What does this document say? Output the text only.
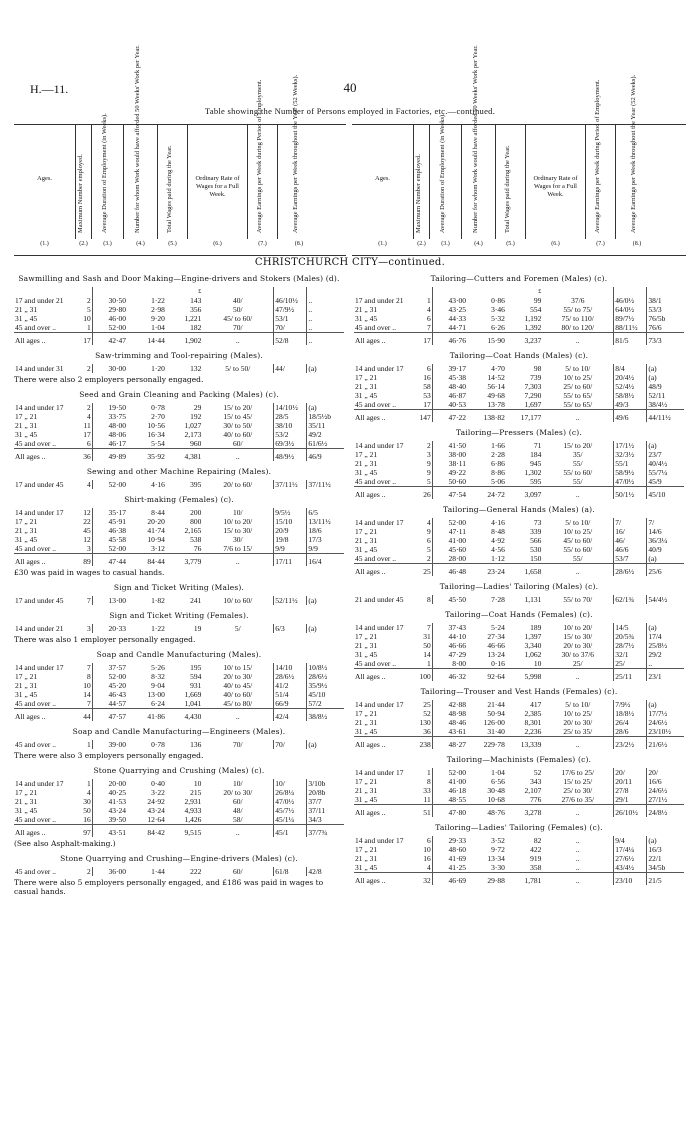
H.—11.	40
Table showing the Number of Persons employed in Factories, etc.—continued.
Ages.
(1.)
Maximum Number employed.
(2.)
Average Duration of Employment (in Weeks).
(3.)
Number for whom Work would have afforded 50 Weeks' Work per Year.
(4.)
Total Wages paid during the Year.
(5.)
Ordinary Rate of Wages for a Full Week.
(6.)
Average Earnings per Week during Period of Employment.
(7.)
Average Earnings per Week throughout the Year (52 Weeks).
(8.)
Ages.
(1.)
Maximum Number employed.
(2.)
Average Duration of Employment (in Weeks).
(3.)
Number for whom Work would have afforded 50 Weeks' Work per Year.
(4.)
Total Wages paid during the Year.
(5.)
Ordinary Rate of Wages for a Full Week.
(6.)
Average Earnings per Week during Period of Employment.
(7.)
Average Earnings per Week throughout the Year (52 Weeks).
(8.)
CHRISTCHURCH CITY—continued.
Sawmilling and Sash and Door Making—Engine-drivers and Stokers (Males) (d).
				£			
17 and under 21	2	30·50	1·22	143	40/	46/10½	..
21 „ 31	5	29·80	2·98	356	50/	47/9½	..
31 „ 45	10	46·00	9·20	1,221	45/ to 60/	53/1	..
45 and over ..	1	52·00	1·04	182	70/	70/	..
All ages ..	17	42·47	14·44	1,902	..	52/8	..
Saw-trimming and Tool-repairing (Males).
14 and under 31	2	30·00	1·20	132	5/ to 50/	44/	(a)
There were also 2 employers personally engaged.
Seed and Grain Cleaning and Packing (Males) (c).
14 and under 17	2	19·50	0·78	29	15/ to 20/	14/10½	(a)
17 „ 21	4	33·75	2·70	192	15/ to 45/	28/5	18/5½b
21 „ 31	11	48·00	10·56	1,027	30/ to 50/	38/10	35/11
31 „ 45	17	48·06	16·34	2,173	40/ to 60/	53/2	49/2
45 and over ..	6	46·17	5·54	960	60/	69/3½	61/6½
All ages ..	36	49·89	35·92	4,381	..	48/9½	46/9
Sewing and other Machine Repairing (Males).
17 and under 45	4	52·00	4·16	395	20/ to 60/	37/11½	37/11½
Shirt-making (Females) (c).
14 and under 17	12	35·17	8·44	200	10/	9/5½	6/5
17 „ 21	22	45·91	20·20	800	10/ to 20/	15/10	13/11½
21 „ 31	45	46·38	41·74	2,165	15/ to 30/	20/9	18/6
31 „ 45	12	45·58	10·94	538	30/	19/8	17/3
45 and over ..	3	52·00	3·12	76	7/6 to 15/	9/9	9/9
All ages ..	89	47·44	84·44	3,779	..	17/11	16/4
£30 was paid in wages to casual hands.
Sign and Ticket Writing (Males).
17 and under 45	7	13·00	1·82	241	10/ to 60/	52/11½	(a)
Sign and Ticket Writing (Females).
14 and under 21	3	20·33	1·22	19	5/	6/3	(a)
There was also 1 employer personally engaged.
Soap and Candle Manufacturing (Males).
14 and under 17	7	37·57	5·26	195	10/ to 15/	14/10	10/8½
17 „ 21	8	52·00	8·32	594	20/ to 30/	28/6½	28/6½
21 „ 31	10	45·20	9·04	931	40/ to 45/	41/2	35/9½
31 „ 45	14	46·43	13·00	1,669	40/ to 60/	51/4	45/10
45 and over ..	7	44·57	6·24	1,041	45/ to 80/	66/9	57/2
All ages ..	44	47·57	41·86	4,430	..	42/4	38/8½
Soap and Candle Manufacturing—Engineers (Males).
45 and over ..	1	39·00	0·78	136	70/	70/	(a)
There were also 3 employers personally engaged.
Stone Quarrying and Crushing (Males) (c).
14 and under 17	1	20·00	0·40	10	10/	10/	3/10b
17 „ 21	4	40·25	3·22	215	20/ to 30/	26/8¼	20/8b
21 „ 31	30	41·53	24·92	2,931	60/	47/0½	37/7
31 „ 45	50	43·24	43·24	4,933	48/	45/7½	37/11
45 and over ..	16	39·50	12·64	1,426	58/	45/1¼	34/3
All ages ..	97	43·51	84·42	9,515	..	45/1	37/7¾
(See also Asphalt-making.)
Stone Quarrying and Crushing—Engine-drivers (Males) (c).
45 and over ..	2	36·00	1·44	222	60/	61/8	42/8
There were also 5 employers personally engaged, and £186 was paid in wages to casual hands.
Tailoring—Cutters and Foremen (Males) (c).
				£			
17 and under 21	1	43·00	0·86	99	37/6	46/0½	38/1
21 „ 31	4	43·25	3·46	554	55/ to 75/	64/0½	53/3
31 „ 45	6	44·33	5·32	1,192	75/ to 110/	89/7½	76/5b
45 and over ..	7	44·71	6·26	1,392	80/ to 120/	88/11½	76/6
All ages ..	17	46·76	15·90	3,237	..	81/5	73/3
Tailoring—Coat Hands (Males) (c).
14 and under 17	6	39·17	4·70	98	5/ to 10/	8/4	(a)
17 „ 21	16	45·38	14·52	739	10/ to 25/	20/4½	(a)
21 „ 31	58	48·40	56·14	7,303	25/ to 60/	52/4½	48/9
31 „ 45	53	46·87	49·68	7,290	55/ to 65/	58/8½	52/11
45 and over ..	17	40·53	13·78	1,697	55/ to 65/	49/3	38/4½
All ages ..	147	47·22	138·82	17,177	..	49/6	44/11½
Tailoring—Pressers (Males) (c).
14 and under 17	2	41·50	1·66	71	15/ to 20/	17/1½	(a)
17 „ 21	3	38·00	2·28	184	35/	32/3½	23/7
21 „ 31	9	38·11	6·86	945	55/	55/1	40/4½
31 „ 45	9	49·22	8·86	1,302	55/ to 60/	58/9½	55/7¼
45 and over ..	5	50·60	5·06	595	55/	47/0½	45/9
All ages ..	26	47·54	24·72	3,097	..	50/1½	45/10
Tailoring—General Hands (Males) (a).
14 and under 17	4	52·00	4·16	73	5/ to 10/	7/	7/
17 „ 21	9	47·11	8·48	339	10/ to 25/	16/	14/6
21 „ 31	6	41·00	4·92	566	45/ to 60/	46/	36/3¼
31 „ 45	5	45·60	4·56	530	55/ to 60/	46/6	40/9
45 and over ..	2	28·00	1·12	150	55/	53/7	(a)
All ages ..	25	46·48	23·24	1,658	..	28/6½	25/6
Tailoring—Ladies' Tailoring (Males) (c).
21 and under 45	8	45·50	7·28	1,131	55/ to 70/	62/1¾	54/4½
Tailoring—Coat Hands (Females) (c).
14 and under 17	7	37·43	5·24	189	10/ to 20/	14/5	(a)
17 „ 21	31	44·10	27·34	1,397	15/ to 30/	20/5¾	17/4
21 „ 31	50	46·66	46·66	3,340	20/ to 30/	28/7½	25/8½
31 „ 45	14	47·29	13·24	1,062	30/ to 37/6	32/1	29/2
45 and over ..	1	8·00	0·16	10	25/	25/	..
All ages ..	100	46·32	92·64	5,998	..	25/11	23/1
Tailoring—Trouser and Vest Hands (Females) (c).
14 and under 17	25	42·88	21·44	417	5/ to 10/	7/9½	(a)
17 „ 21	52	48·98	50·94	2,385	10/ to 25/	18/8½	17/7½
21 „ 31	130	48·46	126·00	8,301	20/ to 30/	26/4	24/6½
31 „ 45	36	43·61	31·40	2,236	25/ to 35/	28/6	23/10½
All ages ..	238	48·27	229·78	13,339	..	23/2½	21/6½
Tailoring—Machinists (Females) (c).
14 and under 17	1	52·00	1·04	52	17/6 to 25/	20/	20/
17 „ 21	8	41·00	6·56	343	15/ to 25/	20/11	16/6
21 „ 31	33	46·18	30·48	2,107	25/ to 30/	27/8	24/6½
31 „ 45	11	48·55	10·68	776	27/6 to 35/	29/1	27/1½
All ages ..	51	47·80	48·76	3,278	..	26/10½	24/8½
Tailoring—Ladies' Tailoring (Females) (c).
14 and under 17	6	29·33	3·52	82	..	9/4	(a)
17 „ 21	10	48·60	9·72	422	..	17/4¼	16/3
21 „ 31	16	41·69	13·34	919	..	27/6½	22/1
31 „ 45	4	41·25	3·30	358	..	43/4½	34/5b
All ages ..	32	46·69	29·88	1,781	..	23/10	21/5
